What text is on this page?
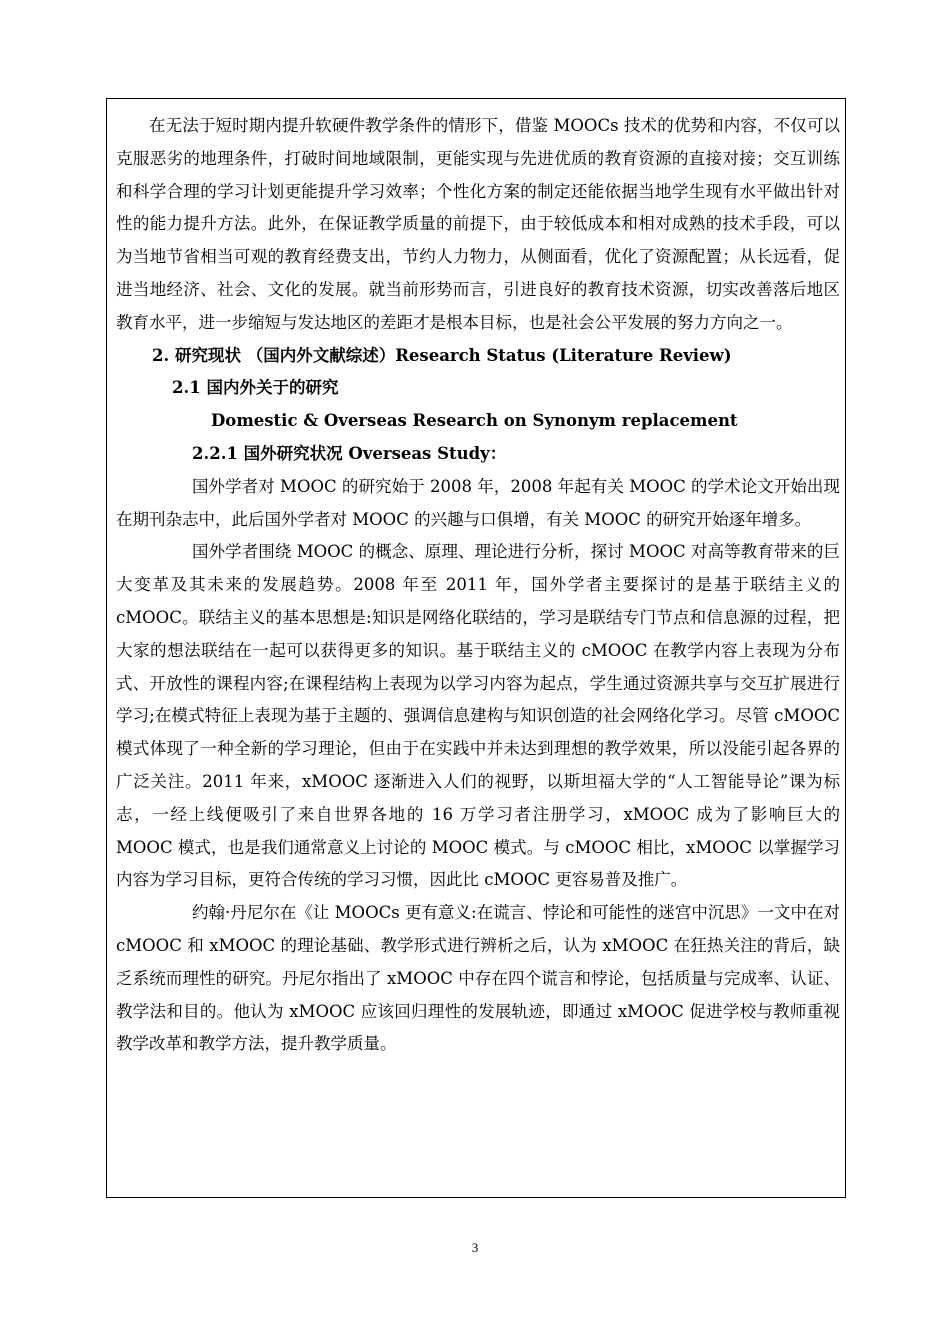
在无法于短时期内提升软硬件教学条件的情形下，借鉴 MOOCs 技术的优势和内容，不仅可以克服恶劣的地理条件，打破时间地域限制，更能实现与先进优质的教育资源的直接对接；交互训练和科学合理的学习计划更能提升学习效率；个性化方案的制定还能依据当地学生现有水平做出针对性的能力提升方法。此外，在保证教学质量的前提下，由于较低成本和相对成熟的技术手段，可以为当地节省相当可观的教育经费支出，节约人力物力，从侧面看，优化了资源配置；从长远看，促进当地经济、社会、文化的发展。就当前形势而言，引进良好的教育技术资源，切实改善落后地区教育水平，进一步缩短与发达地区的差距才是根本目标，也是社会公平发展的努力方向之一。

2. 研究现状 （国内外文献综述）Research Status (Literature Review)

2.1 国内外关于的研究

Domestic & Overseas Research on Synonym replacement

2.2.1 国外研究状况 Overseas Study：

国外学者对 MOOC 的研究始于 2008 年，2008 年起有关 MOOC 的学术论文开始出现在期刊杂志中，此后国外学者对 MOOC 的兴趣与口俱增，有关 MOOC 的研究开始逐年增多。

国外学者围绕 MOOC 的概念、原理、理论进行分析，探讨 MOOC 对高等教育带来的巨大变革及其未来的发展趋势。2008 年至 2011 年，国外学者主要探讨的是基于联结主义的 cMOOC。联结主义的基本思想是:知识是网络化联结的，学习是联结专门节点和信息源的过程，把大家的想法联结在一起可以获得更多的知识。基于联结主义的 cMOOC 在教学内容上表现为分布式、开放性的课程内容;在课程结构上表现为以学习内容为起点，学生通过资源共享与交互扩展进行学习;在模式特征上表现为基于主题的、强调信息建构与知识创造的社会网络化学习。尽管 cMOOC 模式体现了一种全新的学习理论，但由于在实践中并未达到理想的教学效果，所以没能引起各界的广泛关注。2011 年来，xMOOC 逐渐进入人们的视野，以斯坦福大学的“人工智能导论”课为标志，一经上线便吸引了来自世界各地的 16 万学习者注册学习，xMOOC 成为了影响巨大的 MOOC 模式，也是我们通常意义上讨论的 MOOC 模式。与 cMOOC 相比，xMOOC 以掌握学习内容为学习目标，更符合传统的学习习惯，因此比 cMOOC 更容易普及推广。

约翰·丹尼尔在《让 MOOCs 更有意义:在谎言、悖论和可能性的迷宫中沉思》一文中在对 cMOOC 和 xMOOC 的理论基础、教学形式进行辨析之后，认为 xMOOC 在狂热关注的背后，缺乏系统而理性的研究。丹尼尔指出了 xMOOC 中存在四个谎言和悖论，包括质量与完成率、认证、教学法和目的。他认为 xMOOC 应该回归理性的发展轨迹，即通过 xMOOC 促进学校与教师重视教学改革和教学方法，提升教学质量。

3
